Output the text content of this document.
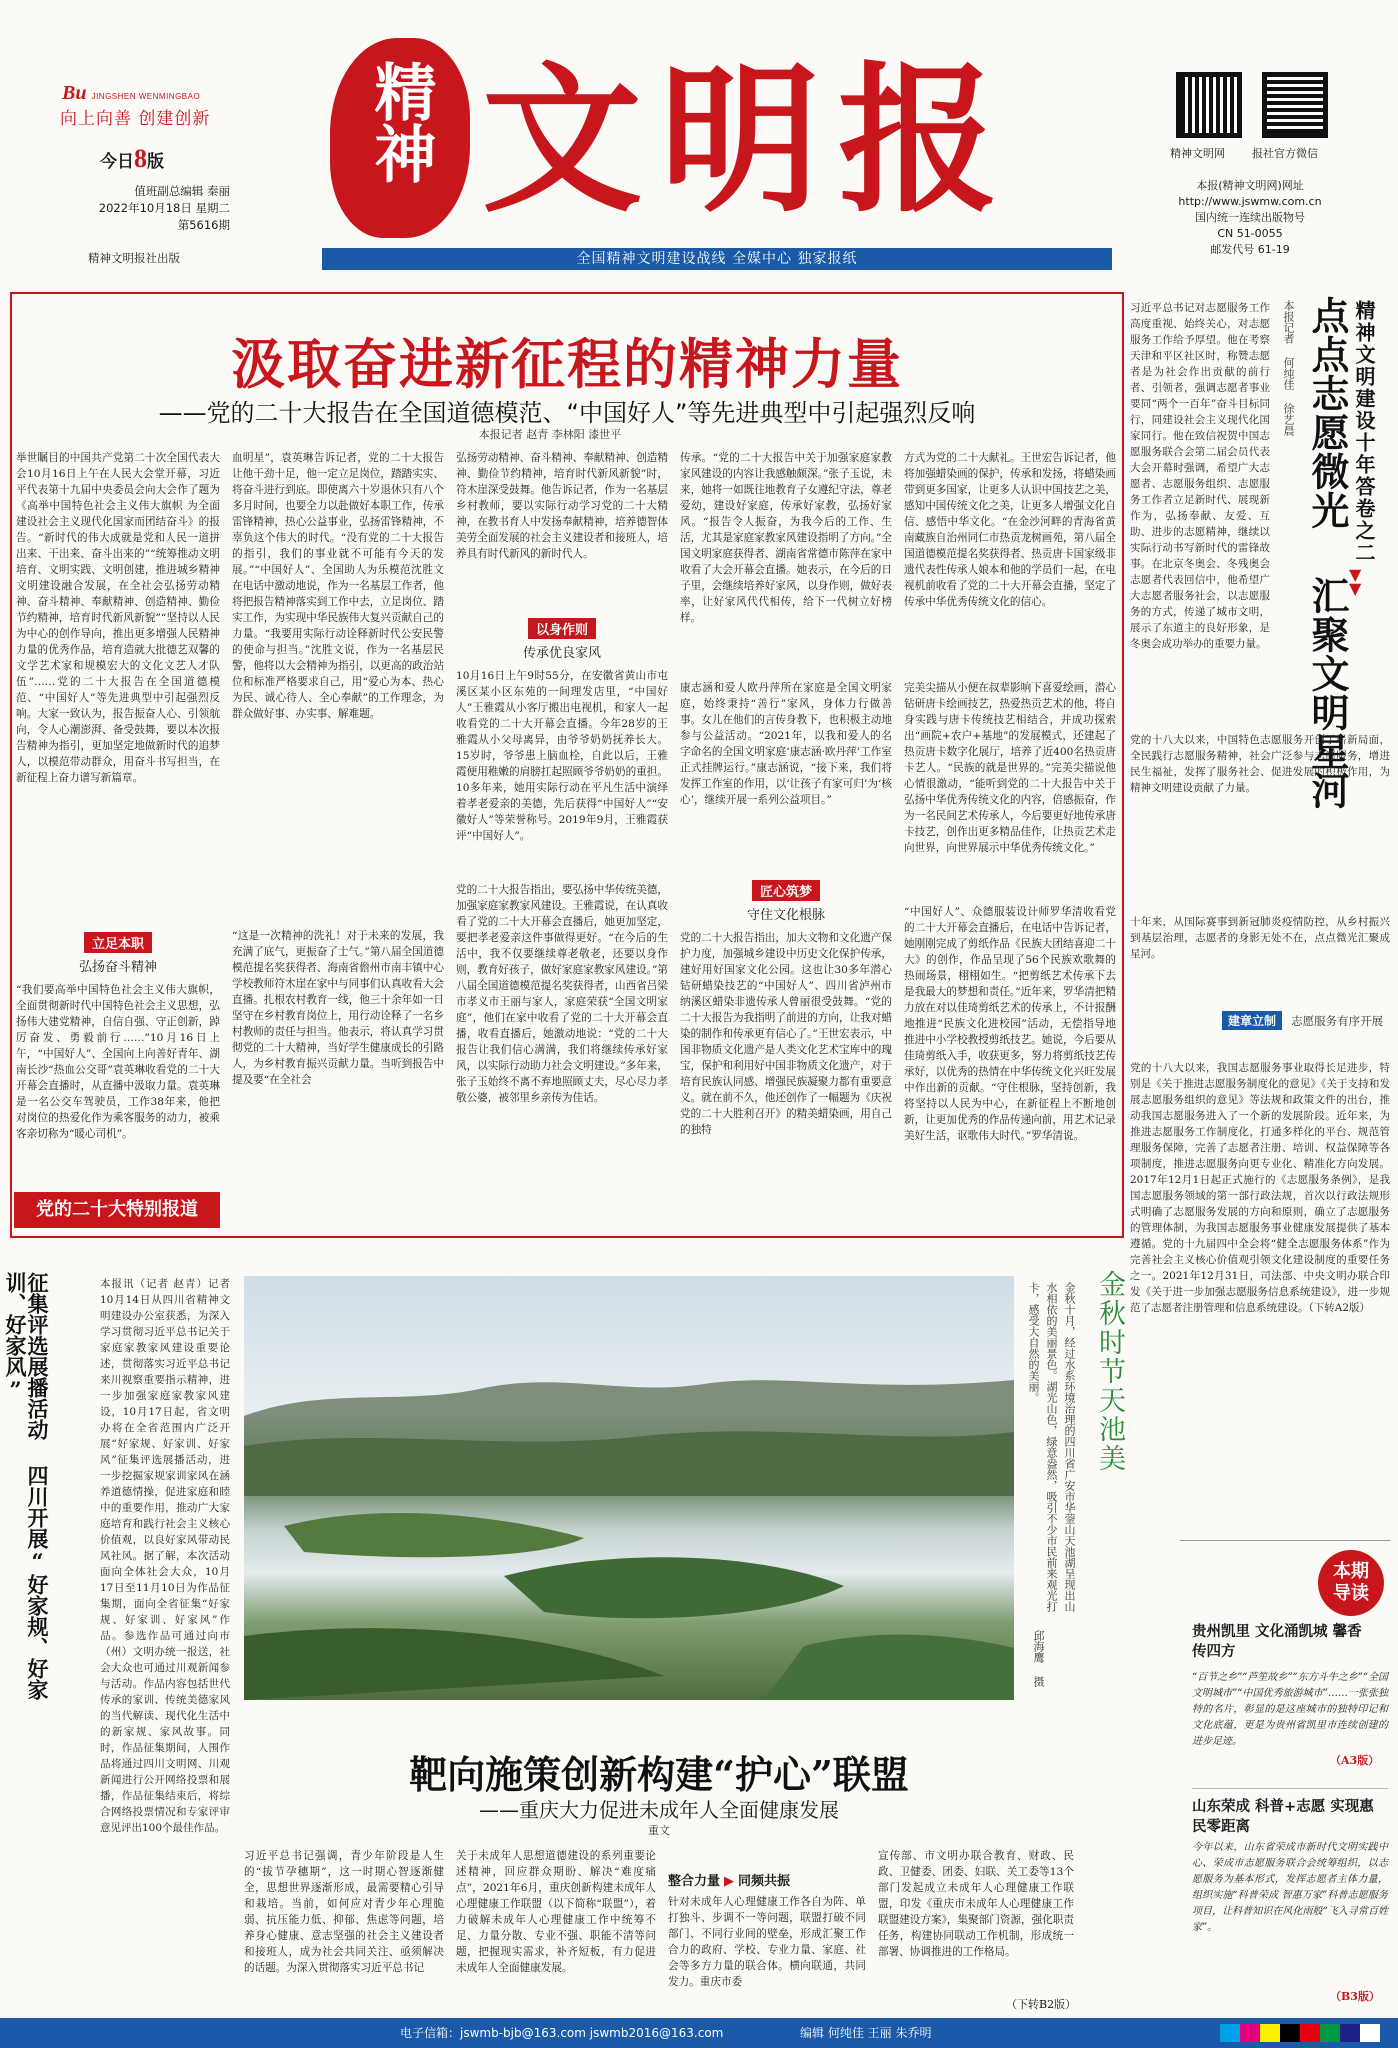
Bu JINGSHEN WENMINGBAO
向上向善 创建创新
今日8版
值班副总编辑 秦丽
2022年10月18日 星期二
第5616期
精神文明报社出版
精神 文明报
全国精神文明建设战线 全媒中心 独家报纸
精神文明网 报社官方微信
本报(精神文明网)网址
http://www.jswmw.com.cn
国内统一连续出版物号
CN 51-0055
邮发代号 61-19
汲取奋进新征程的精神力量
——党的二十大报告在全国道德模范、“中国好人”等先进典型中引起强烈反响
本报记者 赵青 李林阳 漆世平
举世瞩目的中国共产党第二十次全国代表大会10月16日上午在人民大会堂开幕，习近平代表第十九届中央委员会向大会作了题为《高举中国特色社会主义伟大旗帜 为全面建设社会主义现代化国家而团结奋斗》的报告。“新时代的伟大成就是党和人民一道拼出来、干出来、奋斗出来的”“统筹推动文明培育、文明实践、文明创建，推进城乡精神文明建设融合发展，在全社会弘扬劳动精神、奋斗精神、奉献精神、创造精神、勤俭节约精神，培育时代新风新貌”“坚持以人民为中心的创作导向，推出更多增强人民精神力量的优秀作品，培育造就大批德艺双馨的文学艺术家和规模宏大的文化文艺人才队伍”……党的二十大报告在全国道德模范、“中国好人”等先进典型中引起强烈反响。大家一致认为，报告振奋人心、引领航向，令人心潮澎湃、备受鼓舞，要以本次报告精神为指引，更加坚定地做新时代的追梦人，以模范带动群众，用奋斗书写担当，在新征程上奋力谱写新篇章。
立足本职
弘扬奋斗精神
“我们要高举中国特色社会主义伟大旗帜，全面贯彻新时代中国特色社会主义思想，弘扬伟大建党精神，自信自强、守正创新，踔厉奋发、勇毅前行……”10月16日上午，“中国好人”、全国向上向善好青年、湖南长沙“热血公交哥”袁英琳收看党的二十大开幕会直播时，从直播中汲取力量。袁英琳是一名公交车驾驶员，工作38年来，他把对岗位的热爱化作为乘客服务的动力，被乘客亲切称为“暖心司机”。
党的二十大特别报道
血明星”，袁英琳告诉记者，党的二十大报告让他干劲十足，他一定立足岗位，踏踏实实、将奋斗进行到底。即使离六十岁退休只有八个多月时间，也要全力以赴做好本职工作，传承雷锋精神，热心公益事业，弘扬雷锋精神，不辜负这个伟大的时代。“没有党的二十大报告的指引，我们的事业就不可能有今天的发展。”“中国好人”、全国助人为乐模范沈胜文在电话中激动地说，作为一名基层工作者，他将把报告精神落实到工作中去，立足岗位、踏实工作，为实现中华民族伟大复兴贡献自己的力量。“我要用实际行动诠释新时代公安民警的使命与担当。”沈胜文说，作为一名基层民警，他将以大会精神为指引，以更高的政治站位和标准严格要求自己，用“爱心为本、热心为民、诚心待人、全心奉献”的工作理念，为群众做好事、办实事、解难题。
“这是一次精神的洗礼！对于未来的发展，我充满了底气，更振奋了士气。”第八届全国道德模范提名奖获得者、海南省儋州市南丰镇中心学校教师符木崖在家中与同事们认真收看大会直播。扎根农村教育一线，他三十余年如一日坚守在乡村教育岗位上，用行动诠释了一名乡村教师的责任与担当。他表示，将认真学习贯彻党的二十大精神，当好学生健康成长的引路人，为乡村教育振兴贡献力量。当听到报告中提及要“在全社会
弘扬劳动精神、奋斗精神、奉献精神、创造精神、勤俭节约精神，培育时代新风新貌”时，符木崖深受鼓舞。他告诉记者，作为一名基层乡村教师，要以实际行动学习党的二十大精神，在教书育人中发扬奉献精神，培养德智体美劳全面发展的社会主义建设者和接班人，培养具有时代新风的新时代人。
以身作则
传承优良家风
10月16日上午9时55分，在安徽省黄山市屯溪区某小区东苑的一间理发店里，“中国好人”王雅霞从小客厅搬出电视机，和家人一起收看党的二十大开幕会直播。今年28岁的王雅霞从小父母离异，由爷爷奶奶抚养长大。15岁时，爷爷患上脑血栓，自此以后，王雅霞便用稚嫩的肩膀扛起照顾爷爷奶奶的重担。10多年来，她用实际行动在平凡生活中演绎着孝老爱亲的美德，先后获得“中国好人”“安徽好人”等荣誉称号。2019年9月，王雅霞获评“中国好人”。
党的二十大报告指出，要弘扬中华传统美德，加强家庭家教家风建设。王雅霞说，在认真收看了党的二十大开幕会直播后，她更加坚定，要把孝老爱亲这件事做得更好。“在今后的生活中，我不仅要继续尊老敬老，还要以身作则，教育好孩子，做好家庭家教家风建设。”第八届全国道德模范提名奖获得者，山西省吕梁市孝义市王丽与家人，家庭荣获“全国文明家庭”，他们在家中收看了党的二十大开幕会直播，收看直播后，她激动地说：“党的二十大报告让我们信心满满，我们将继续传承好家风，以实际行动助力社会文明建设。”多年来，张子玉始终不离不弃地照顾丈夫，尽心尽力孝敬公婆，被邻里乡亲传为佳话。
传承。“党的二十大报告中关于加强家庭家教家风建设的内容让我感触颇深。”张子玉说，未来，她将一如既往地教育子女遵纪守法，尊老爱幼，建设好家庭，传承好家教，弘扬好家风。“报告令人振奋，为我今后的工作、生活，尤其是家庭家教家风建设指明了方向。”全国文明家庭获得者、湖南省常德市陈萍在家中收看了大会开幕会直播。她表示，在今后的日子里，会继续培养好家风，以身作则，做好表率，让好家风代代相传，给下一代树立好榜样。
康志涵和爱人欧丹萍所在家庭是全国文明家庭，始终秉持“善行”家风，身体力行做善事。女儿在他们的言传身教下，也积极主动地参与公益活动。“2021年，以我和爱人的名字命名的全国文明家庭‘康志涵·欧丹萍’工作室正式挂牌运行。”康志涵说，“接下来，我们将发挥工作室的作用，以‘让孩子有家可归’为‘核心’，继续开展一系列公益项目。”
匠心筑梦
守住文化根脉
党的二十大报告指出，加大文物和文化遗产保护力度，加强城乡建设中历史文化保护传承，建好用好国家文化公园。这也让30多年潜心钻研蜡染技艺的“中国好人”、四川省泸州市纳溪区蜡染非遗传承人曾丽很受鼓舞。“党的二十大报告为我指明了前进的方向，让我对蜡染的制作和传承更有信心了。”王世宏表示，中国非物质文化遗产是人类文化艺术宝库中的瑰宝，保护和利用好中国非物质文化遗产，对于培育民族认同感、增强民族凝聚力都有重要意义。就在前不久，他还创作了一幅题为《庆祝党的二十大胜利召开》的精美蜡染画，用自己的独特
方式为党的二十大献礼。王世宏告诉记者，他将加强蜡染画的保护，传承和发扬，将蜡染画带到更多国家，让更多人认识中国技艺之美，感知中国传统文化之美，让更多人增强文化自信、感悟中华文化。“在金沙河畔的青海省黄南藏族自治州同仁市热贡龙树画苑，第八届全国道德模范提名奖获得者、热贡唐卡国家级非遗代表性传承人娘本和他的学员们一起，在电视机前收看了党的二十大开幕会直播，坚定了传承中华优秀传统文化的信心。
完美尖描从小便在叔辈影响下喜爱绘画，潜心钻研唐卡绘画技艺，热爱热贡艺术的他，将自身实践与唐卡传统技艺相结合，并成功探索出“画院+农户+基地”的发展模式，还建起了热贡唐卡数字化展厅，培养了近400名热贡唐卡艺人。“民族的就是世界的。”完美尖描说他心情很激动，“能听到党的二十大报告中关于弘扬中华优秀传统文化的内容，倍感振奋，作为一名民间艺术传承人，今后要更好地传承唐卡技艺，创作出更多精品佳作，让热贡艺术走向世界，向世界展示中华优秀传统文化。”
“中国好人”、众德服装设计师罗华清收看党的二十大开幕会直播后，在电话中告诉记者，她刚刚完成了剪纸作品《民族大团结喜迎二十大》的创作，作品呈现了56个民族欢歌舞的热闹场景，栩栩如生。“把剪纸艺术传承下去是我最大的梦想和责任。”近年来，罗华清把精力放在对以佳琦剪纸艺术的传承上，不计报酬地推进“民族文化进校园”活动，无偿指导地推进中小学校教授剪纸技艺。她说，今后要从佳琦剪纸入手，收获更多，努力将剪纸技艺传承好，以优秀的热情在中华传统文化兴旺发展中作出新的贡献。“守住根脉，坚持创新，我将坚持以人民为中心，在新征程上不断地创新，让更加优秀的作品传递向前，用艺术记录美好生活，讴歌伟大时代。”罗华清说。
精神文明建设十年答卷之二
▼
▼
点点志愿微光 汇聚文明星河
本报记者 何纯佳 徐艺晨
习近平总书记对志愿服务工作高度重视、始终关心，对志愿服务工作给予厚望。他在考察天津和平区社区时，称赞志愿者是为社会作出贡献的前行者、引领者，强调志愿者事业要同“两个一百年”奋斗目标同行，同建设社会主义现代化国家同行。他在致信祝贺中国志愿服务联合会第二届会员代表大会开幕时强调，希望广大志愿者、志愿服务组织、志愿服务工作者立足新时代、展现新作为，弘扬奉献、友爱、互助、进步的志愿精神，继续以实际行动书写新时代的雷锋故事。在北京冬奥会、冬残奥会志愿者代表回信中，他希望广大志愿者服务社会，以志愿服务的方式，传递了城市文明，展示了东道主的良好形象，是冬奥会成功举办的重要力量。
党的十八大以来，中国特色志愿服务开创了崭新局面，全民践行志愿服务精神，社会广泛参与志愿服务，增进民生福祉，发挥了服务社会、促进发展的积极作用，为精神文明建设贡献了力量。
十年来，从国际赛事到新冠肺炎疫情防控，从乡村振兴到基层治理，志愿者的身影无处不在，点点微光汇聚成星河。
建章立制 志愿服务有序开展
党的十八大以来，我国志愿服务事业取得长足进步，特别是《关于推进志愿服务制度化的意见》《关于支持和发展志愿服务组织的意见》等法规和政策文件的出台，推动我国志愿服务进入了一个新的发展阶段。近年来，为推进志愿服务工作制度化，打通多样化的平台、规范管理服务保障，完善了志愿者注册、培训、权益保障等各项制度，推进志愿服务向更专业化、精准化方向发展。2017年12月1日起正式施行的《志愿服务条例》，是我国志愿服务领域的第一部行政法规，首次以行政法规形式明确了志愿服务发展的方向和原则，确立了志愿服务的管理体制，为我国志愿服务事业健康发展提供了基本遵循。党的十九届四中全会将“健全志愿服务体系”作为完善社会主义核心价值观引领文化建设制度的重要任务之一。2021年12月31日，司法部、中央文明办联合印发《关于进一步加强志愿服务信息系统建设》，进一步规范了志愿者注册管理和信息系统建设。（下转A2版）
本期
导读
贵州凯里 文化涌凯城 馨香传四方
“百节之乡”“芦笙故乡”“东方斗牛之乡”“全国文明城市”“中国优秀旅游城市”……一张张独特的名片，彰显的是这座城市的独特印记和文化底蕴，更是为贵州省凯里市连续创建的进步足迹。
（A3版）
山东荣成 科普+志愿 实现惠民零距离
今年以来，山东省荣成市新时代文明实践中心、荣成市志愿服务联合会统筹组织，以志愿服务为基本形式，发挥志愿者主体力量，组织实施“科普荣成 智惠万家”科普志愿服务项目，让科普知识在风化雨般“飞入寻常百姓家”。
（B3版）
征集评选展播活动 四川开展“好家规、好家训、好家风”	本报讯（记者 赵青）记者10月14日从四川省精神文明建设办公室获悉，为深入学习贯彻习近平总书记关于家庭家教家风建设重要论述，贯彻落实习近平总书记来川视察重要指示精神，进一步加强家庭家教家风建设，10月17日起，省文明办将在全省范围内广泛开展“好家规、好家训、好家风”征集评选展播活动，进一步挖掘家规家训家风在涵养道德情操，促进家庭和睦中的重要作用，推动广大家庭培育和践行社会主义核心价值观，以良好家风带动民风社风。据了解，本次活动面向全体社会大众，10月17日至11月10日为作品征集期，面向全省征集“好家规、好家训、好家风”作品。参选作品可通过向市（州）文明办统一报送，社会大众也可通过川观新闻参与活动。作品内容包括世代传承的家训、传统美德家风的当代解读、现代化生活中的新家规、家风故事。同时，作品征集期间，人围作品将通过四川文明网、川观新闻进行公开网络投票和展播，作品征集结束后，将综合网络投票情况和专家评审意见评出100个最佳作品。
金秋时节天池美
金秋十月，经过水系环境治理的四川省广安市华蓥山天池湖呈现出山水相依的美丽景色。湖光山色，绿意盎然，吸引不少市民前来观光打卡，感受大自然的美丽。
邱海鹰 摄
靶向施策创新构建“护心”联盟
——重庆大力促进未成年人全面健康发展
重文
习近平总书记强调，青少年阶段是人生的“拔节孕穗期”，这一时期心智逐渐健全，思想世界逐渐形成，最需要精心引导和栽培。当前，如何应对青少年心理脆弱、抗压能力低、抑郁、焦虑等问题，培养身心健康、意志坚强的社会主义建设者和接班人，成为社会共同关注、亟须解决的话题。为深入贯彻落实习近平总书记
关于未成年人思想道德建设的系列重要论述精神，回应群众期盼、解决“难度痛点”，2021年6月，重庆创新构建未成年人心理健康工作联盟（以下简称“联盟”），着力破解未成年人心理健康工作中统筹不足、力量分散、专业不强、职能不清等问题，把握现实需求，补齐短板，有力促进未成年人全面健康发展。
整合力量 ▶ 同频共振
针对未成年人心理健康工作各自为阵、单打独斗、步调不一等问题，联盟打破不同部门、不同行业间的壁垒，形成汇聚工作合力的政府、学校、专业力量、家庭、社会等多方力量的联合体。横向联通，共同发力。重庆市委
宣传部、市文明办联合教育、财政、民政、卫健委、团委、妇联、关工委等13个部门发起成立未成年人心理健康工作联盟，印发《重庆市未成年人心理健康工作联盟建设方案》，集聚部门资源，强化职责任务，构建协同联动工作机制，形成统一部署、协调推进的工作格局。
（下转B2版）
电子信箱：jswmb-bjb@163.com jswmb2016@163.com	编辑 何纯佳 王丽 朱乔明
